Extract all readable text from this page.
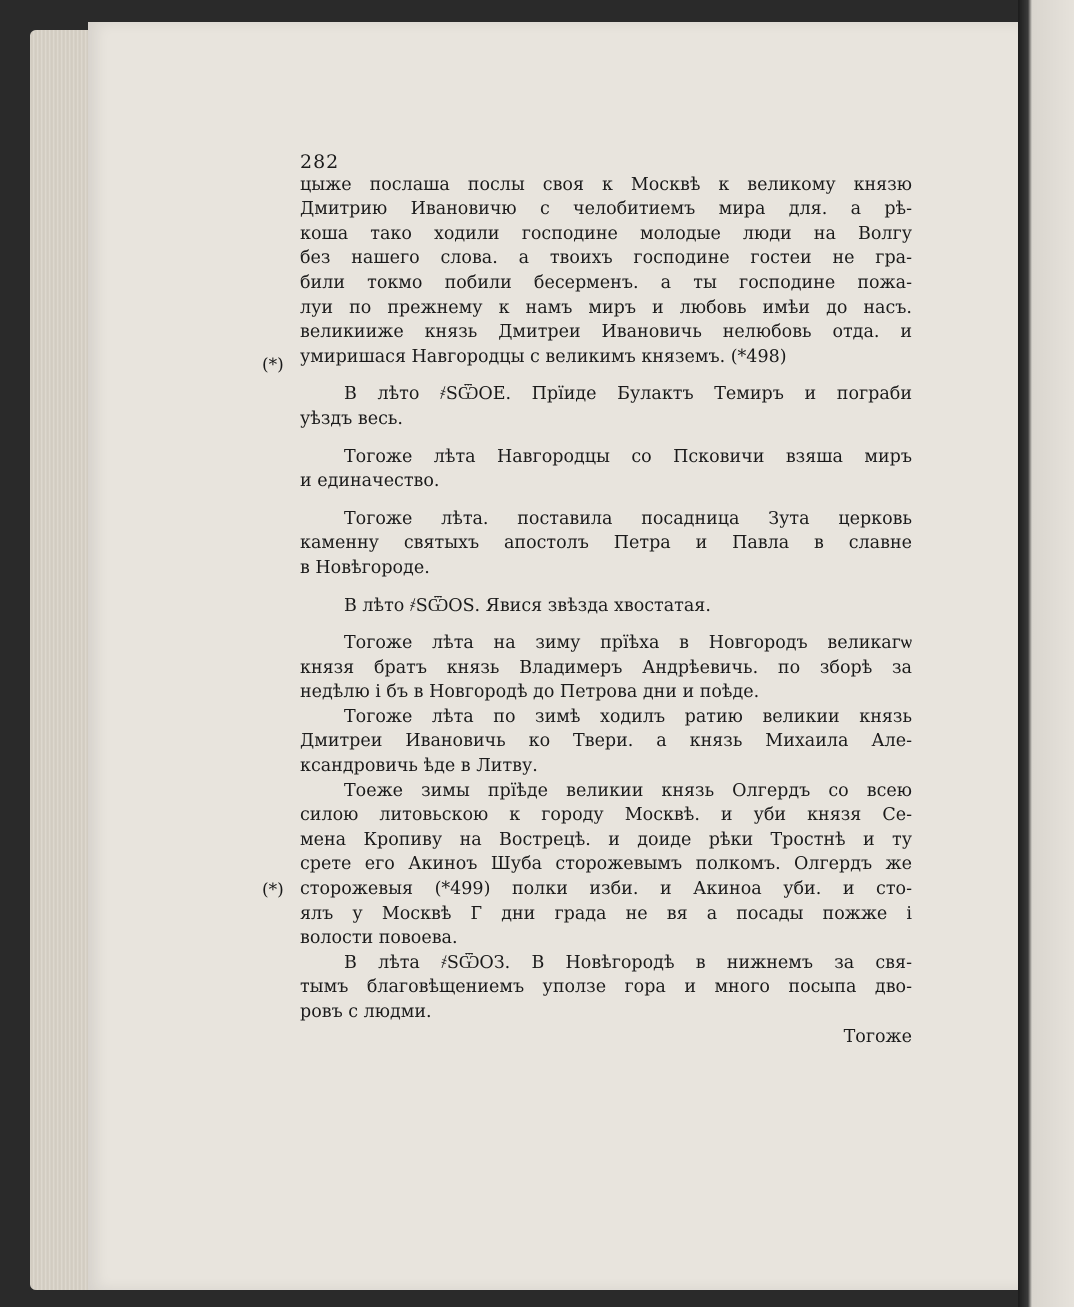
(*)
(*)
282
цыже послаша послы своя к Москвѣ к великому князю
Дмитрию Ивановичю с челобитиемъ мира для. а рѣ-
коша тако ходили господине молодые люди на Волгу
без нашего слова. а твоихъ господине гостеи не гра-
били токмо побили бесерменъ. а ты господине пожа-
луи по прежнему к намъ миръ и любовь имѣи до насъ.
великииже князь Дмитреи Ивановичь нелюбовь отда. и
умиришася Навгородцы с великимъ княземъ. (*498)
В лѣто ҂ЅѾОЕ. Прїиде Булактъ Темиръ и пограби
уѣздъ весь.
Тогоже лѣта Навгородцы со Псковичи взяша миръ
и единачество.
Тогоже лѣта. поставила посадница Зута церковь
каменну святыхъ апостолъ Петра и Павла в славне
в Новѣгороде.
В лѣто ҂ЅѾОЅ. Явися звѣзда хвостатая.
Тогоже лѣта на зиму прїѣха в Новгородъ великагѡ
князя братъ князь Владимеръ Андрѣевичь. по зборѣ за
недѣлю і бъ в Новгородѣ до Петрова дни и поѣде.
Тогоже лѣта по зимѣ ходилъ ратию великии князь
Дмитреи Ивановичь ко Твери. а князь Михаила Але-
ксандровичь ѣде в Литву.
Тоеже зимы прїѣде великии князь Олгердъ со всею
силою литовьскою к городу Москвѣ. и уби князя Се-
мена Кропиву на Вострецѣ. и доиде рѣки Тростнѣ и ту
срете его Акиноъ Шуба сторожевымъ полкомъ. Олгердъ же
сторожевыя (*499) полки изби. и Акиноа уби. и сто-
ялъ у Москвѣ Г дни града не вя а посады пожже і
волости повоева.
В лѣта ҂ЅѾОЗ. В Новѣгородѣ в нижнемъ за свя-
тымъ благовѣщениемъ уползе гора и много посыпа дво-
ровъ с людми.
Тогоже
